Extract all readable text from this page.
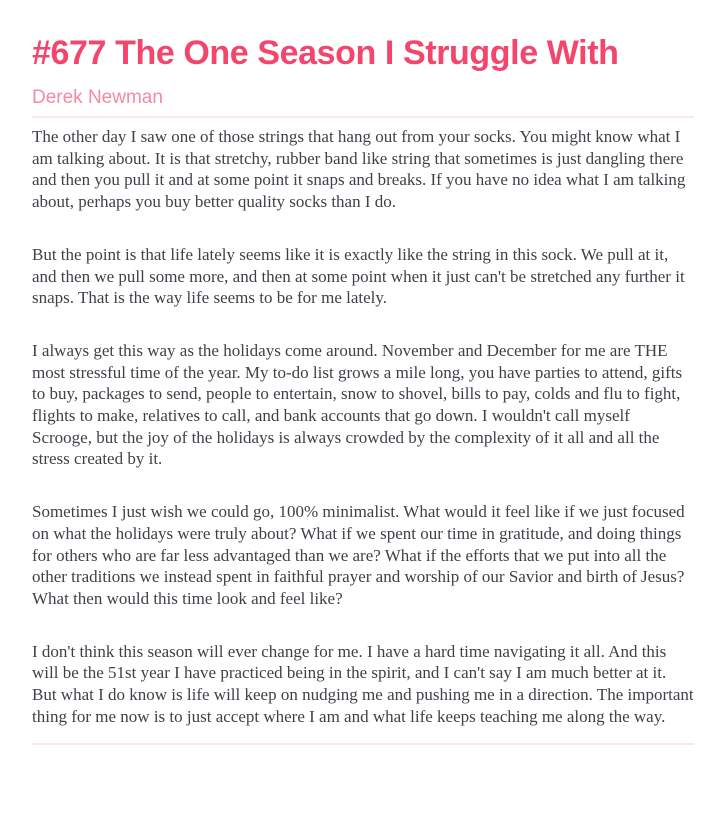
#677 The One Season I Struggle With
Derek Newman

The other day I saw one of those strings that hang out from your socks. You might know what I am talking about. It is that stretchy, rubber band like string that sometimes is just dangling there and then you pull it and at some point it snaps and breaks. If you have no idea what I am talking about, perhaps you buy better quality socks than I do.

But the point is that life lately seems like it is exactly like the string in this sock. We pull at it, and then we pull some more, and then at some point when it just can't be stretched any further it snaps. That is the way life seems to be for me lately.

I always get this way as the holidays come around. November and December for me are THE most stressful time of the year. My to-do list grows a mile long, you have parties to attend, gifts to buy, packages to send, people to entertain, snow to shovel, bills to pay, colds and flu to fight, flights to make, relatives to call, and bank accounts that go down. I wouldn't call myself Scrooge, but the joy of the holidays is always crowded by the complexity of it all and all the stress created by it.

Sometimes I just wish we could go, 100% minimalist. What would it feel like if we just focused on what the holidays were truly about? What if we spent our time in gratitude, and doing things for others who are far less advantaged than we are? What if the efforts that we put into all the other traditions we instead spent in faithful prayer and worship of our Savior and birth of Jesus? What then would this time look and feel like?

I don't think this season will ever change for me. I have a hard time navigating it all. And this will be the 51st year I have practiced being in the spirit, and I can't say I am much better at it. But what I do know is life will keep on nudging me and pushing me in a direction. The important thing for me now is to just accept where I am and what life keeps teaching me along the way.
